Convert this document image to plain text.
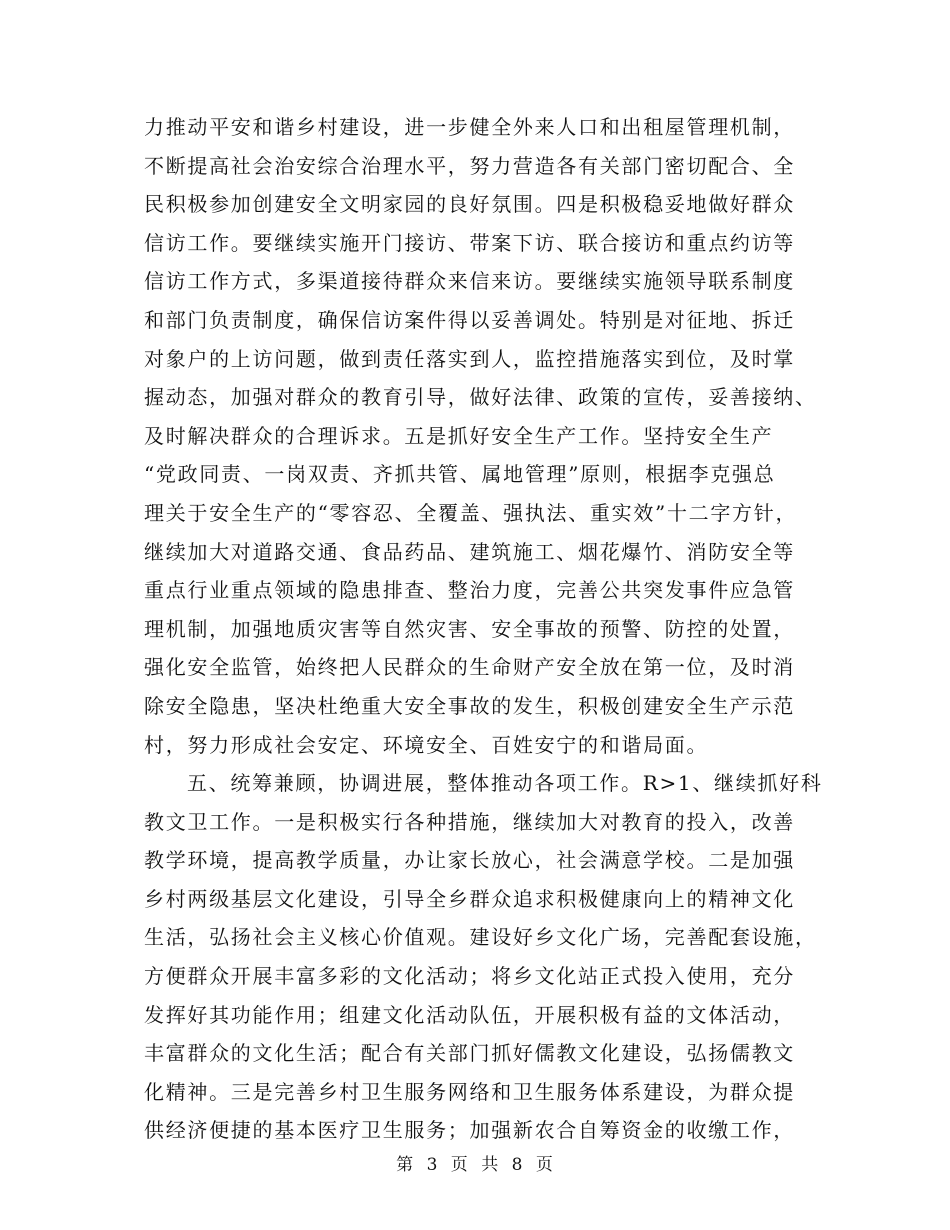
力推动平安和谐乡村建设，进一步健全外来人口和出租屋管理机制，
不断提高社会治安综合治理水平，努力营造各有关部门密切配合、全
民积极参加创建安全文明家园的良好氛围。四是积极稳妥地做好群众
信访工作。要继续实施开门接访、带案下访、联合接访和重点约访等
信访工作方式，多渠道接待群众来信来访。要继续实施领导联系制度
和部门负责制度，确保信访案件得以妥善调处。特别是对征地、拆迁
对象户的上访问题，做到责任落实到人，监控措施落实到位，及时掌
握动态，加强对群众的教育引导，做好法律、政策的宣传，妥善接纳、
及时解决群众的合理诉求。五是抓好安全生产工作。坚持安全生产
“党政同责、一岗双责、齐抓共管、属地管理”原则，根据李克强总
理关于安全生产的“零容忍、全覆盖、强执法、重实效”十二字方针，
继续加大对道路交通、食品药品、建筑施工、烟花爆竹、消防安全等
重点行业重点领域的隐患排查、整治力度，完善公共突发事件应急管
理机制，加强地质灾害等自然灾害、安全事故的预警、防控的处置，
强化安全监管，始终把人民群众的生命财产安全放在第一位，及时消
除安全隐患，坚决杜绝重大安全事故的发生，积极创建安全生产示范
村，努力形成社会安定、环境安全、百姓安宁的和谐局面。
五、统筹兼顾，协调进展，整体推动各项工作。R>1、继续抓好科
教文卫工作。一是积极实行各种措施，继续加大对教育的投入，改善
教学环境，提高教学质量，办让家长放心，社会满意学校。二是加强
乡村两级基层文化建设，引导全乡群众追求积极健康向上的精神文化
生活，弘扬社会主义核心价值观。建设好乡文化广场，完善配套设施，
方便群众开展丰富多彩的文化活动；将乡文化站正式投入使用，充分
发挥好其功能作用；组建文化活动队伍，开展积极有益的文体活动，
丰富群众的文化生活；配合有关部门抓好儒教文化建设，弘扬儒教文
化精神。三是完善乡村卫生服务网络和卫生服务体系建设，为群众提
供经济便捷的基本医疗卫生服务；加强新农合自筹资金的收缴工作，
第 3 页 共 8 页
